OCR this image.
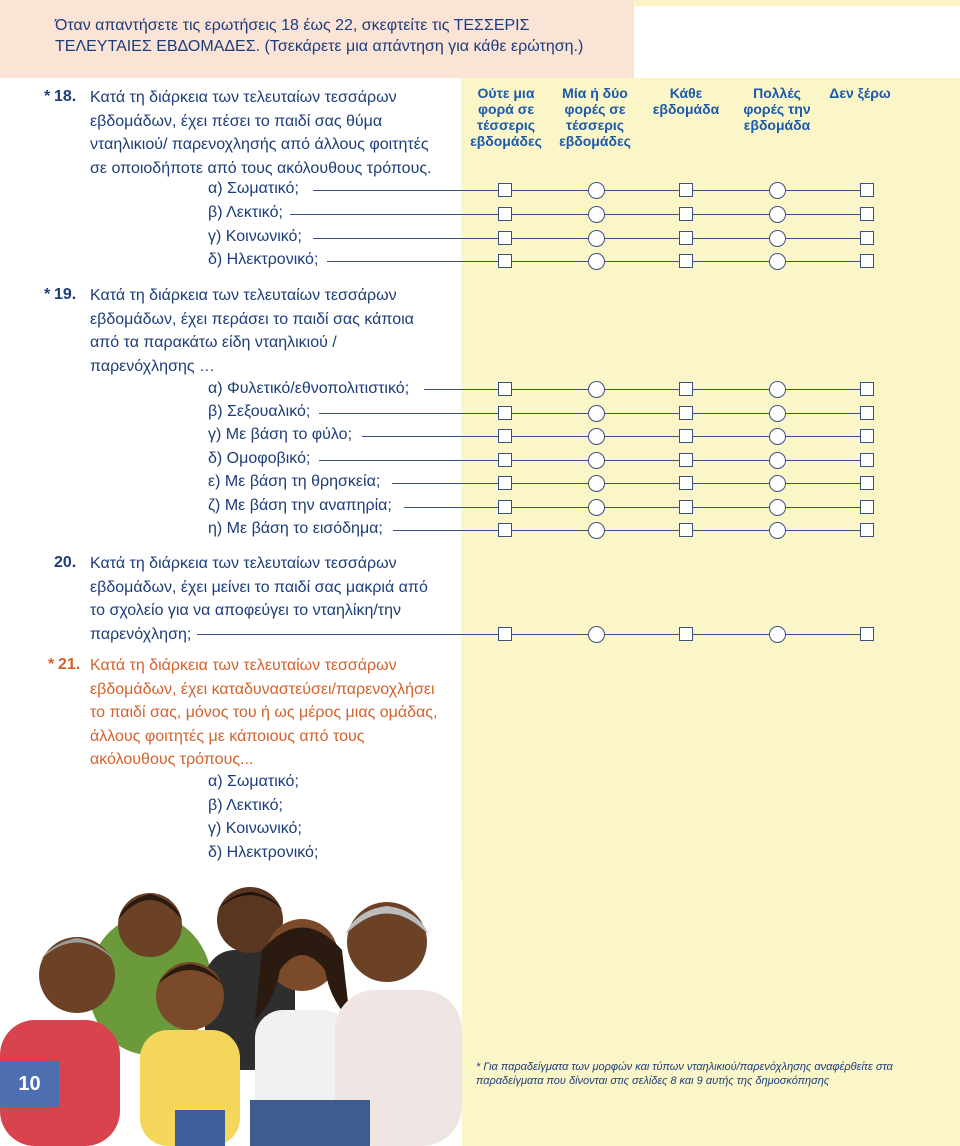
Όταν απαντήσετε τις ερωτήσεις 18 έως 22, σκεφτείτε τις ΤΕΣΣΕΡΙΣ
ΤΕΛΕΥΤΑΙΕΣ ΕΒΔΟΜΑΔΕΣ. (Τσεκάρετε μια απάντηση για κάθε ερώτηση.)
Ούτε μια φορά σε τέσσερις εβδομάδες
Μία ή δύο φορές σε τέσσερις εβδομάδες
Κάθε εβδομάδα
Πολλές φορές την εβδομάδα
Δεν ξέρω
* 18. Κατά τη διάρκεια των τελευταίων τεσσάρων
εβδομάδων, έχει πέσει το παιδί σας θύμα
νταηλικιού/ παρενοχλησής από άλλους φοιτητές
σε οποιοδήποτε από τους ακόλουθους τρόπους.
α) Σωματικό;
β) Λεκτικό;
γ) Κοινωνικό;
δ) Ηλεκτρονικό;
* 19. Κατά τη διάρκεια των τελευταίων τεσσάρων
εβδομάδων, έχει περάσει το παιδί σας κάποια
από τα παρακάτω είδη νταηλικιού /
παρενόχλησης …
α) Φυλετικό/εθνοπολιτιστικό;
β) Σεξουαλικό;
γ) Με βάση το φύλο;
δ) Ομοφοβικό;
ε) Με βάση τη θρησκεία;
ζ) Με βάση την αναπηρία;
η) Με βάση το εισόδημα;
20. Κατά τη διάρκεια των τελευταίων τεσσάρων
εβδομάδων, έχει μείνει το παιδί σας μακριά από
το σχολείο για να αποφεύγει το νταηλίκη/την
παρενόχληση;
* 21. Κατά τη διάρκεια των τελευταίων τεσσάρων
εβδομάδων, έχει καταδυναστεύσει/παρενοχλήσει
το παιδί σας, μόνος του ή ως μέρος μιας ομάδας,
άλλους φοιτητές με κάποιους από τους
ακόλουθους τρόπους...
α) Σωματικό;
β) Λεκτικό;
γ) Κοινωνικό;
δ) Ηλεκτρονικό;
10
* Για παραδείγματα των μορφών και τύπων νταηλικιού/παρενόχλησης αναφέρθείτε στα
παραδείγματα που δίνονται στις σελίδες 8 και 9 αυτής της δημοσκόπησης
